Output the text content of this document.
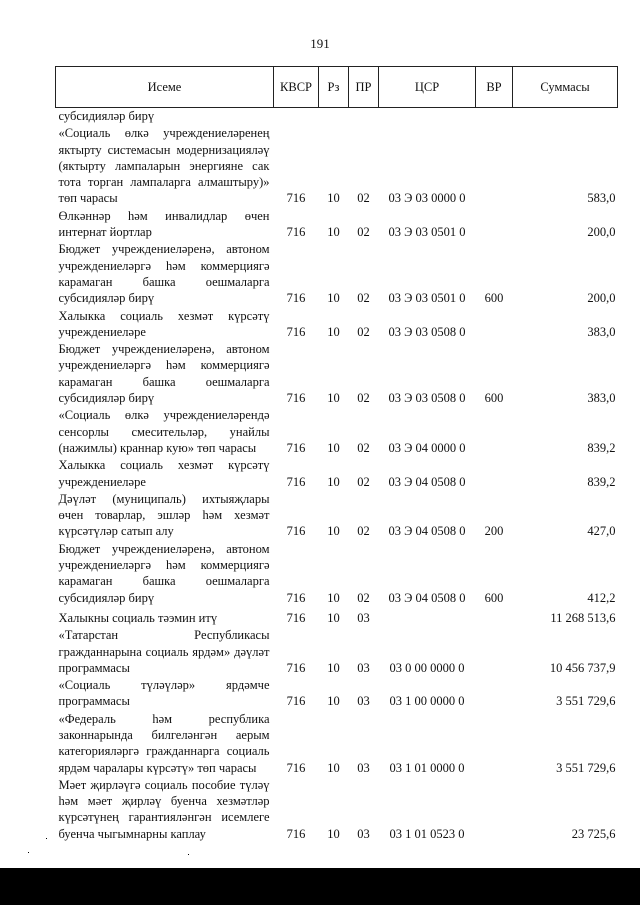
191
Исеме	КВСР	Рз	ПР	ЦСР	ВР	Суммасы
субсидияләр бирү						
«Социаль өлкә учреждениеләренең яктырту системасын модернизацияләү (яктырту лампаларын энергияне сак тота торган лампаларга алмаштыру)» төп чарасы	716	10	02	03 Э 03 0000 0		583,0
Өлкәннәр һәм инвалидлар өчен интернат йортлар	716	10	02	03 Э 03 0501 0		200,0
Бюджет учреждениеләренә, автоном учреждениеләргә һәм коммерциягә карамаган башка оешмаларга субсидияләр бирү	716	10	02	03 Э 03 0501 0	600	200,0
Халыкка социаль хезмәт күрсәтү учреждениеләре	716	10	02	03 Э 03 0508 0		383,0
Бюджет учреждениеләренә, автоном учреждениеләргә һәм коммерциягә карамаган башка оешмаларга субсидияләр бирү	716	10	02	03 Э 03 0508 0	600	383,0
«Социаль өлкә учреждениеләрендә сенсорлы смесительләр, унайлы (нажимлы) краннар кую» төп чарасы	716	10	02	03 Э 04 0000 0		839,2
Халыкка социаль хезмәт күрсәтү учреждениеләре	716	10	02	03 Э 04 0508 0		839,2
Дәүләт (муниципаль) ихтыяҗлары өчен товарлар, эшләр һәм хезмәт күрсәтүләр сатып алу	716	10	02	03 Э 04 0508 0	200	427,0
Бюджет учреждениеләренә, автоном учреждениеләргә һәм коммерциягә карамаган башка оешмаларга субсидияләр бирү	716	10	02	03 Э 04 0508 0	600	412,2
Халыкны социаль тәэмин итү	716	10	03			11 268 513,6
«Татарстан Республикасы гражданнарына социаль ярдәм» дәүләт программасы	716	10	03	03 0 00 0000 0		10 456 737,9
«Социаль түләүләр» ярдәмче программасы	716	10	03	03 1 00 0000 0		3 551 729,6
«Федераль һәм республика законнарында билгеләнгән аерым категорияләргә гражданнарга социаль ярдәм чаралары күрсәтү» төп чарасы	716	10	03	03 1 01 0000 0		3 551 729,6
Мәет җирләүгә социаль пособие түләү һәм мәет җирләү буенча хезмәтләр күрсәтүнең гарантияләнгән исемлеге буенча чыгымнарны каплау	716	10	03	03 1 01 0523 0		23 725,6
